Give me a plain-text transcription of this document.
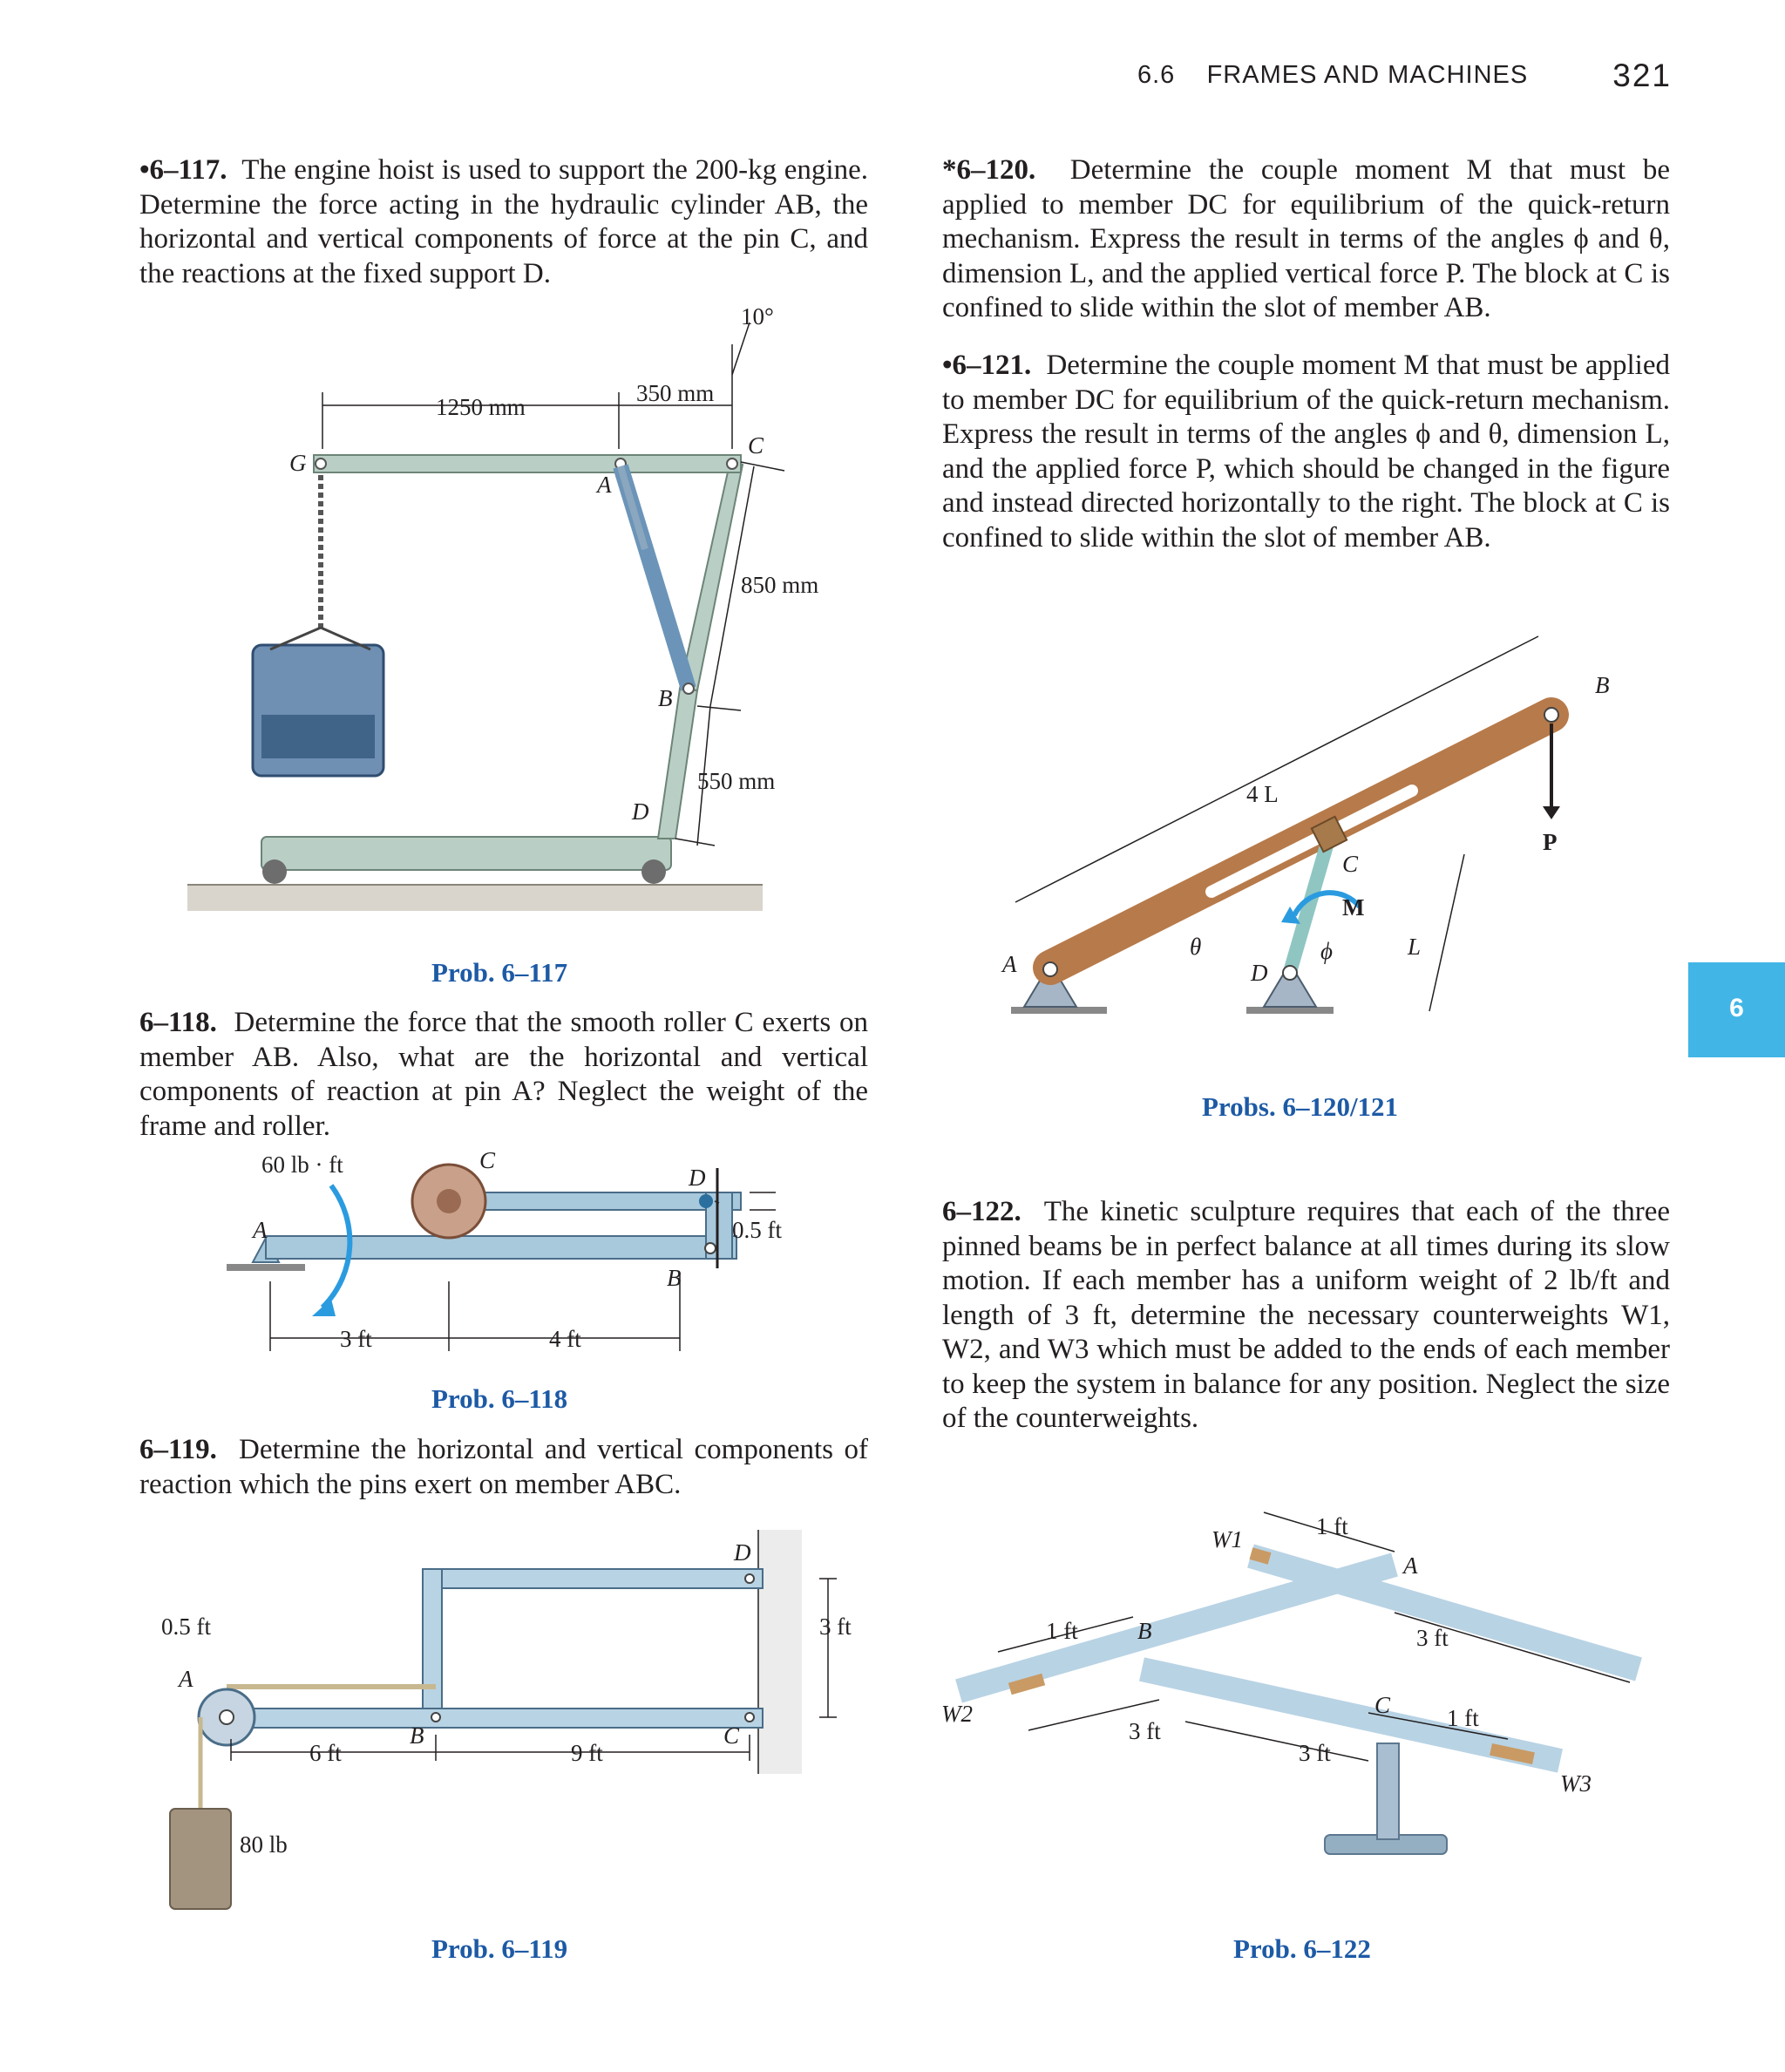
6.6 FRAMES AND MACHINES	321
6
•6–117. The engine hoist is used to support the 200-kg engine. Determine the force acting in the hydraulic cylinder AB, the horizontal and vertical components of force at the pin C, and the reactions at the fixed support D.
10°
1250 mm
350 mm
850 mm
550 mm
G
A
C
B
D
Prob. 6–117
6–118. Determine the force that the smooth roller C exerts on member AB. Also, what are the horizontal and vertical components of reaction at pin A? Neglect the weight of the frame and roller.
60 lb · ft
3 ft	4 ft
0.5 ft
A
B
C
D
Prob. 6–118
6–119. Determine the horizontal and vertical components of reaction which the pins exert on member ABC.
0.5 ft
6 ft	9 ft
3 ft
80 lb
A
B	C
D
Prob. 6–119
*6–120. Determine the couple moment M that must be applied to member DC for equilibrium of the quick-return mechanism. Express the result in terms of the angles ϕ and θ, dimension L, and the applied vertical force P. The block at C is confined to slide within the slot of member AB.
•6–121. Determine the couple moment M that must be applied to member DC for equilibrium of the quick-return mechanism. Express the result in terms of the angles ϕ and θ, dimension L, and the applied force P, which should be changed in the figure and instead directed horizontally to the right. The block at C is confined to slide within the slot of member AB.
4 L
L
θ	ϕ
M
P
A
B
C
D
Probs. 6–120/121
6–122. The kinetic sculpture requires that each of the three pinned beams be in perfect balance at all times during its slow motion. If each member has a uniform weight of 2 lb/ft and length of 3 ft, determine the necessary counterweights W1, W2, and W3 which must be added to the ends of each member to keep the system in balance for any position. Neglect the size of the counterweights.
W1
W2
W3
1 ft
1 ft
1 ft
3 ft
3 ft
3 ft
A
B
C
Prob. 6–122
